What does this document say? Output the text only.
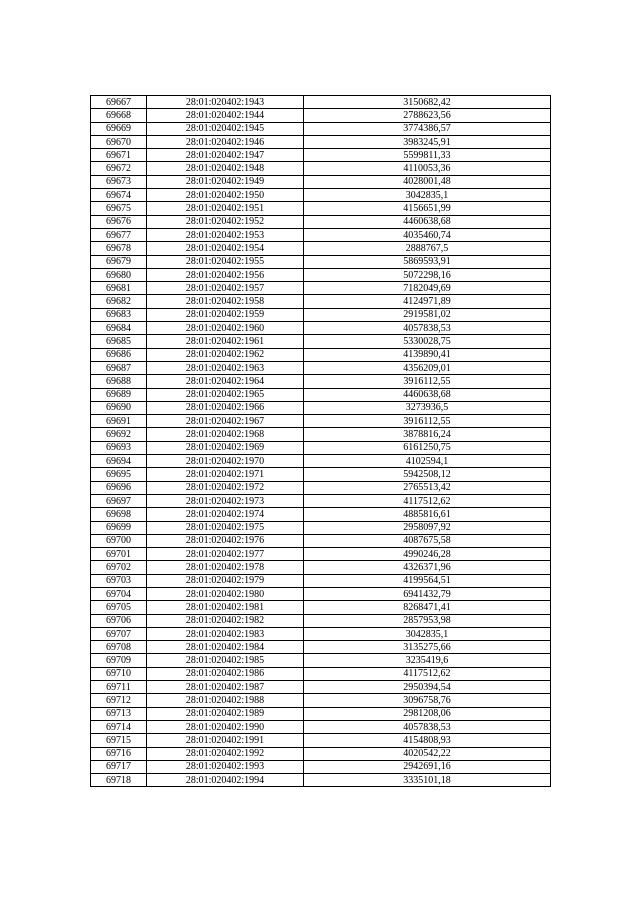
69667	28:01:020402:1943	3150682,42
69668	28:01:020402:1944	2788623,56
69669	28:01:020402:1945	3774386,57
69670	28:01:020402:1946	3983245,91
69671	28:01:020402:1947	5599811,33
69672	28:01:020402:1948	4110053,36
69673	28:01:020402:1949	4028001,48
69674	28:01:020402:1950	3042835,1
69675	28:01:020402:1951	4156651,99
69676	28:01:020402:1952	4460638,68
69677	28:01:020402:1953	4035460,74
69678	28:01:020402:1954	2888767,5
69679	28:01:020402:1955	5869593,91
69680	28:01:020402:1956	5072298,16
69681	28:01:020402:1957	7182049,69
69682	28:01:020402:1958	4124971,89
69683	28:01:020402:1959	2919581,02
69684	28:01:020402:1960	4057838,53
69685	28:01:020402:1961	5330028,75
69686	28:01:020402:1962	4139890,41
69687	28:01:020402:1963	4356209,01
69688	28:01:020402:1964	3916112,55
69689	28:01:020402:1965	4460638,68
69690	28:01:020402:1966	3273936,5
69691	28:01:020402:1967	3916112,55
69692	28:01:020402:1968	3878816,24
69693	28:01:020402:1969	6161250,75
69694	28:01:020402:1970	4102594,1
69695	28:01:020402:1971	5942508,12
69696	28:01:020402:1972	2765513,42
69697	28:01:020402:1973	4117512,62
69698	28:01:020402:1974	4885816,61
69699	28:01:020402:1975	2958097,92
69700	28:01:020402:1976	4087675,58
69701	28:01:020402:1977	4990246,28
69702	28:01:020402:1978	4326371,96
69703	28:01:020402:1979	4199564,51
69704	28:01:020402:1980	6941432,79
69705	28:01:020402:1981	8268471,41
69706	28:01:020402:1982	2857953,98
69707	28:01:020402:1983	3042835,1
69708	28:01:020402:1984	3135275,66
69709	28:01:020402:1985	3235419,6
69710	28:01:020402:1986	4117512,62
69711	28:01:020402:1987	2950394,54
69712	28:01:020402:1988	3096758,76
69713	28:01:020402:1989	2981208,06
69714	28:01:020402:1990	4057838,53
69715	28:01:020402:1991	4154808,93
69716	28:01:020402:1992	4020542,22
69717	28:01:020402:1993	2942691,16
69718	28:01:020402:1994	3335101,18
